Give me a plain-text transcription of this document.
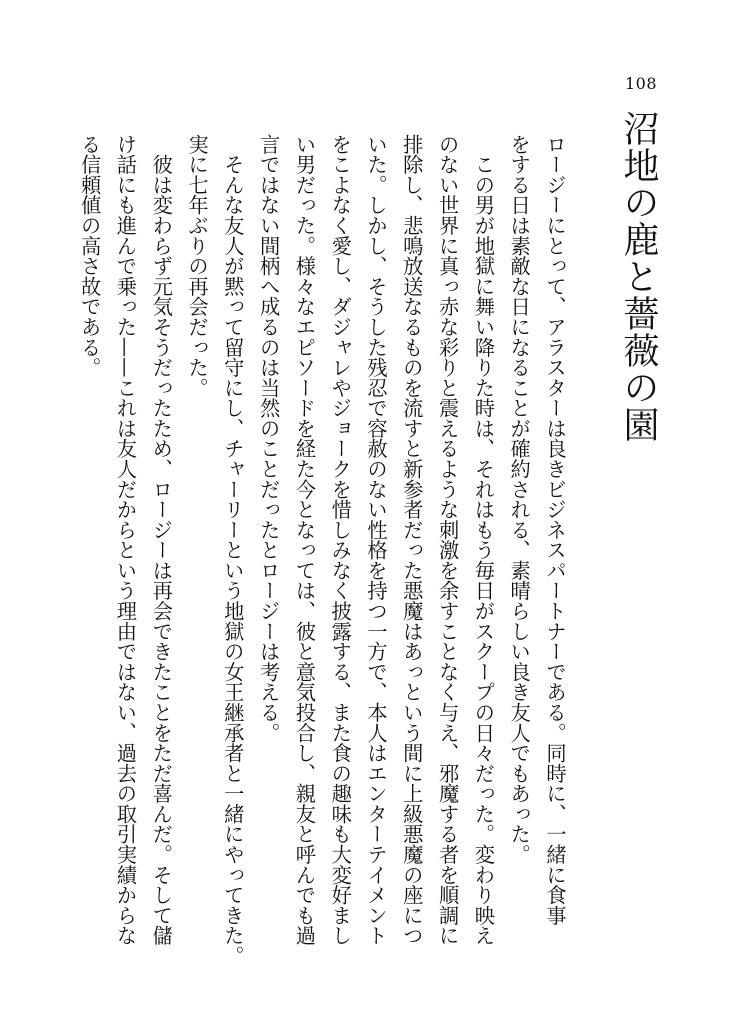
108
沼地の鹿と薔薇の園
ロージーにとって、アラスターは良きビジネスパートナーである。同時に、一緒に食事
をする日は素敵な日になることが確約される、素晴らしい良き友人でもあった。
　この男が地獄に舞い降りた時は、それはもう毎日がスクープの日々だった。変わり映え
のない世界に真っ赤な彩りと震えるような刺激を余すことなく与え、邪魔する者を順調に
排除し、悲鳴放送なるものを流すと新参者だった悪魔はあっという間に上級悪魔の座につ
いた。しかし、そうした残忍で容赦のない性格を持つ一方で、本人はエンターテイメント
をこよなく愛し、ダジャレやジョークを惜しみなく披露する、また食の趣味も大変好まし
い男だった。様々なエピソードを経た今となっては、彼と意気投合し、親友と呼んでも過
言ではない間柄へ成るのは当然のことだったとロージーは考える。
　そんな友人が黙って留守にし、チャーリーという地獄の女王継承者と一緒にやってきた。
実に七年ぶりの再会だった。
　彼は変わらず元気そうだったため、ロージーは再会できたことをただ喜んだ。そして儲
け話にも進んで乗った——これは友人だからという理由ではない、過去の取引実績からな
る信頼値の高さ故である。
